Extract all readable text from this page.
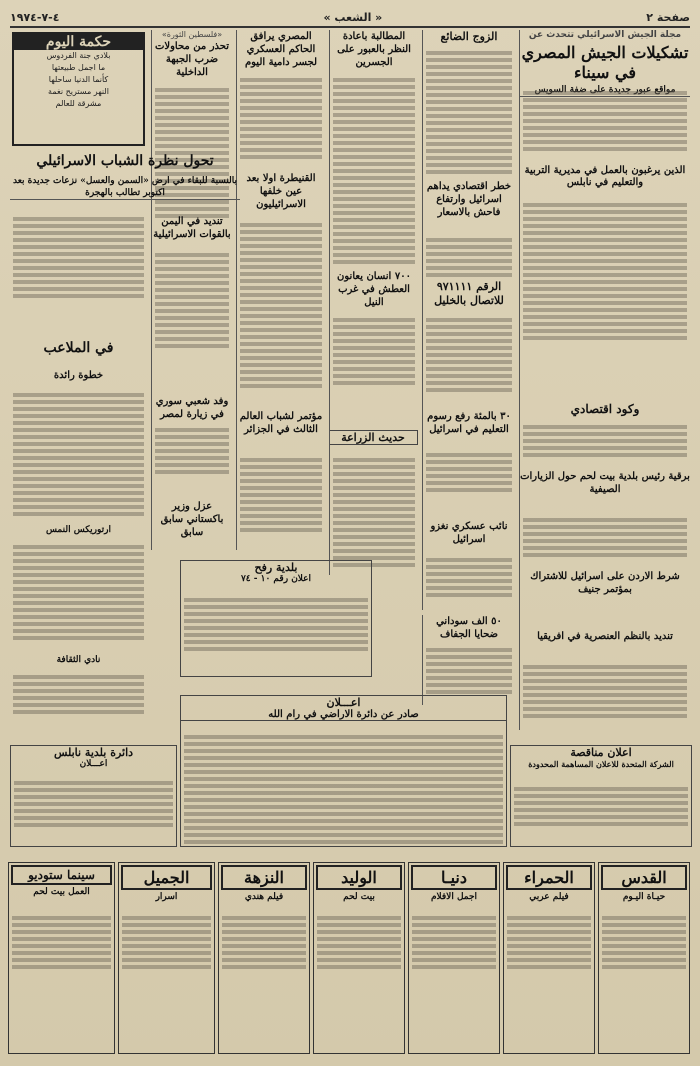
صفحة ٢
« الشعب »
٤-٧-١٩٧٤
مجلة الجيش الاسرائيلي تتحدث عن
تشكيلات الجيش المصري في سيناء
مواقع عبور جديدة على ضفة السويس
الذين يرغبون بالعمل في مديرية التربية والتعليم في نابلس
وكود اقتصادي
برقية رئيس بلدية بيت لحم حول الزيارات الصيفية
شرط الاردن على اسرائيل للاشتراك بمؤتمر جنيف
تنديد بالنظم العنصرية في افريقيا
الزوج الضائع
خطر اقتصادي يداهم اسرائيل وارتفاع فاحش بالاسعار
الرقم ٩٧١١١١ للاتصال بالخليل
٣٠ بالمئة رفع رسوم التعليم في اسرائيل
نائب عسكري نغزو اسرائيل
٥٠ الف سوداني ضحايا الجفاف
المطالبة باعادة النظر بالعبور على الجسرين
٧٠٠ انسان يعانون العطش في غرب النيل
حديث الزراعة
المصري يرافق الحاكم العسكري لجسر دامية اليوم
القنيطرة اولا بعد عين خلفها الاسرائيليون
مؤتمر لشباب العالم الثالث في الجزائر
«فلسطين الثورة»
تحذر من محاولات ضرب الجبهة الداخلية
تنديد في اليمن بالقوات الاسرائيلية
وفد شعبي سوري في زيارة لمصر
عزل وزير باكستاني سابق سابق
حكمة اليوم
بلادي جنة الفردوس
ما اجمل طبيعتها
كأنما الدنيا ساحلها
النهر مستريح نغمة
مشرقة للعالم
تحول نظرة الشباب الاسرائيلي
بالنسبة للبقاء في ارض «السمن والعسل» نزعات جديدة بعد اكتوبر تطالب بالهجرة
في الملاعب
خطوة رائدة
ارتوريكس النمس
نادي الثقافة
بلدية رفح
اعلان رقم ١٠ - ٧٤
اعـــلان
صادر عن دائرة الاراضي في رام الله
دائرة بلدية نابلس
اعـــلان
اعلان مناقصة
الشركة المتحدة للاعلان المساهمة المحدودة
القدس
حيـاة اليـوم
الحمراء
فيلم عربي
دنيـا
اجمل الافلام
الوليد
بيت لحم
النزهة
فيلم هندي
الجميل
اسرار
سينما ستوديو
العمل بيت لحم
